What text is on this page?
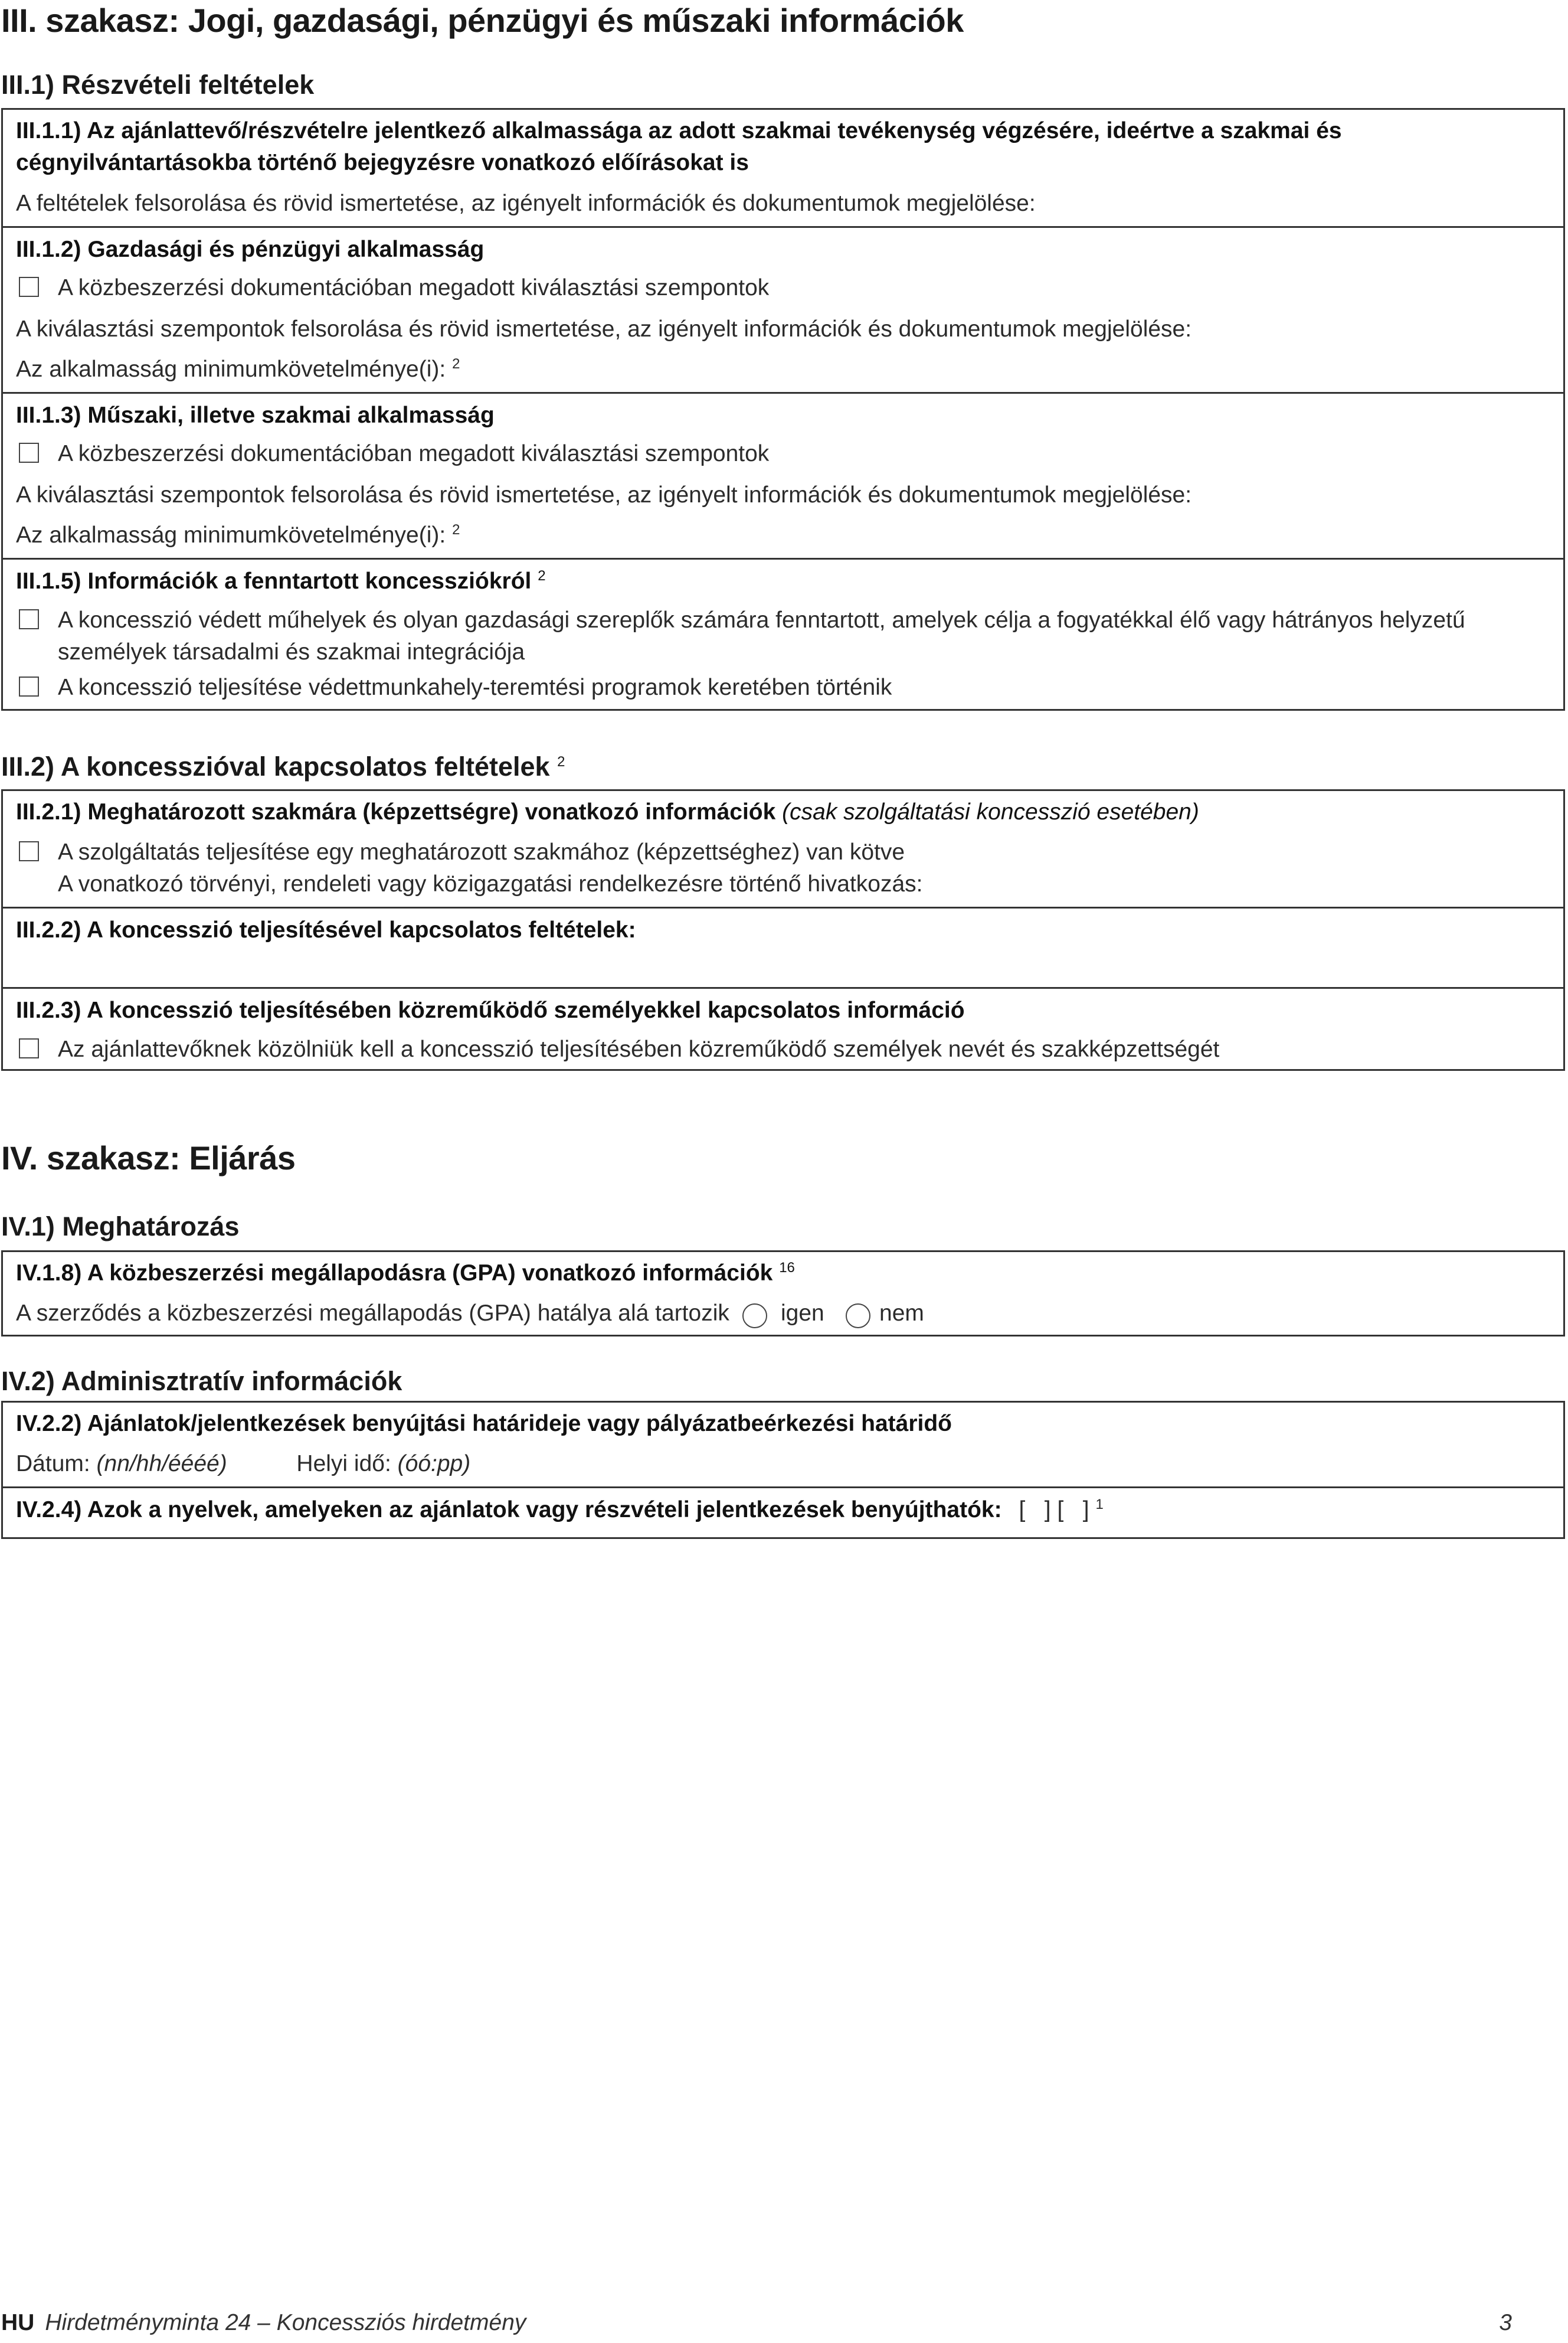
III. szakasz: Jogi, gazdasági, pénzügyi és műszaki információk
III.1) Részvételi feltételek
III.1.1) Az ajánlattevő/részvételre jelentkező alkalmassága az adott szakmai tevékenység végzésére, ideértve a szakmai és
cégnyilvántartásokba történő bejegyzésre vonatkozó előírásokat is
A feltételek felsorolása és rövid ismertetése, az igényelt információk és dokumentumok megjelölése:
III.1.2) Gazdasági és pénzügyi alkalmasság
A közbeszerzési dokumentációban megadott kiválasztási szempontok
A kiválasztási szempontok felsorolása és rövid ismertetése, az igényelt információk és dokumentumok megjelölése:
Az alkalmasság minimumkövetelménye(i): $^2$
III.1.3) Műszaki, illetve szakmai alkalmasság
A közbeszerzési dokumentációban megadott kiválasztási szempontok
A kiválasztási szempontok felsorolása és rövid ismertetése, az igényelt információk és dokumentumok megjelölése:
Az alkalmasság minimumkövetelménye(i): $^2$
III.1.5) Információk a fenntartott koncessziókról $^2$
A koncesszió védett műhelyek és olyan gazdasági szereplők számára fenntartott, amelyek célja a fogyatékkal élő vagy hátrányos helyzetű
személyek társadalmi és szakmai integrációja
A koncesszió teljesítése védettmunkahely-teremtési programok keretében történik
III.2) A koncesszióval kapcsolatos feltételek $^2$
III.2.1) Meghatározott szakmára (képzettségre) vonatkozó információk (csak szolgáltatási koncesszió esetében)
A szolgáltatás teljesítése egy meghatározott szakmához (képzettséghez) van kötve
A vonatkozó törvényi, rendeleti vagy közigazgatási rendelkezésre történő hivatkozás:
III.2.2) A koncesszió teljesítésével kapcsolatos feltételek:
III.2.3) A koncesszió teljesítésében közreműködő személyekkel kapcsolatos információ
Az ajánlattevőknek közölniük kell a koncesszió teljesítésében közreműködő személyek nevét és szakképzettségét
IV. szakasz: Eljárás
IV.1) Meghatározás
IV.1.8) A közbeszerzési megállapodásra (GPA) vonatkozó információk $^{16}$
A szerződés a közbeszerzési megállapodás (GPA) hatálya alá tartozik igen nem
IV.2) Adminisztratív információk
IV.2.2) Ajánlatok/jelentkezések benyújtási határideje vagy pályázatbeérkezési határidő
Dátum: (nn/hh/éééé)	Helyi idő: (óó:pp)
IV.2.4) Azok a nyelvek, amelyeken az ajánlatok vagy részvételi jelentkezések benyújthatók: [   ] [   ] $^1$
HU Hirdetményminta 24 – Koncessziós hirdetmény	3
